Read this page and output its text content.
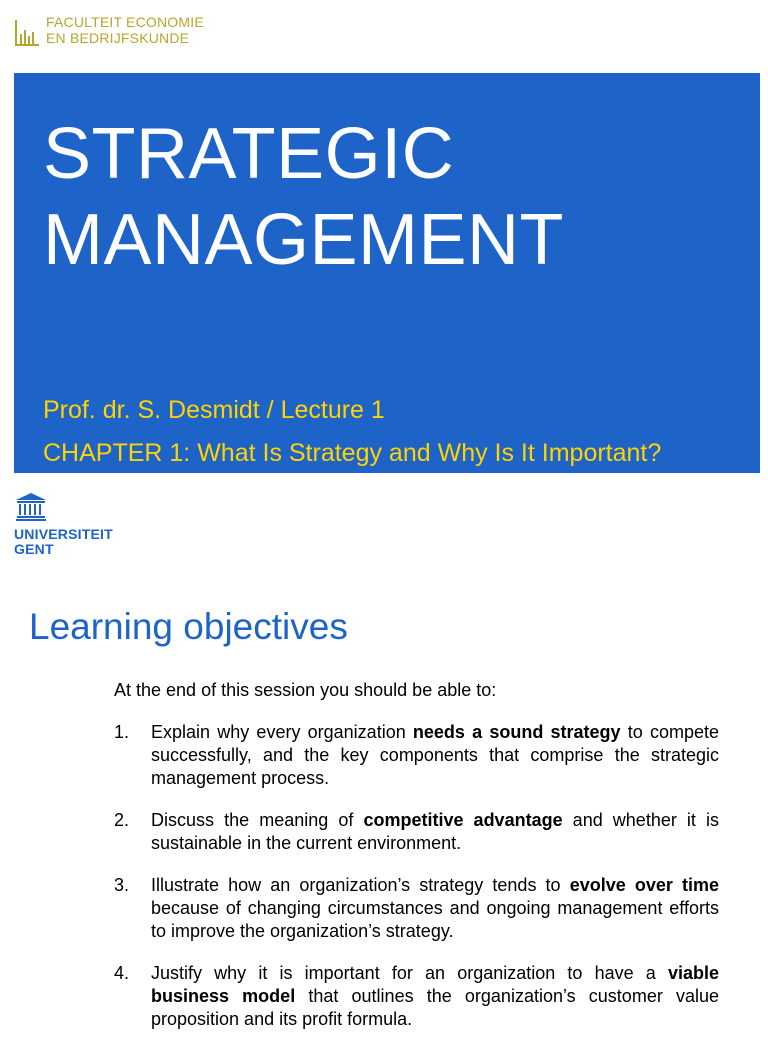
FACULTEIT ECONOMIE
EN BEDRIJFSKUNDE
STRATEGIC
MANAGEMENT
Prof. dr. S. Desmidt / Lecture 1
CHAPTER 1: What Is Strategy and Why Is It Important?
UNIVERSITEIT
GENT
Learning objectives
At the end of this session you should be able to:
1. Explain why every organization needs a sound strategy to compete successfully, and the key components that comprise the strategic management process.
2. Discuss the meaning of competitive advantage and whether it is sustainable in the current environment.
3. Illustrate how an organization’s strategy tends to evolve over time because of changing circumstances and ongoing management efforts to improve the organization’s strategy.
4. Justify why it is important for an organization to have a viable business model that outlines the organization’s customer value proposition and its profit formula.
